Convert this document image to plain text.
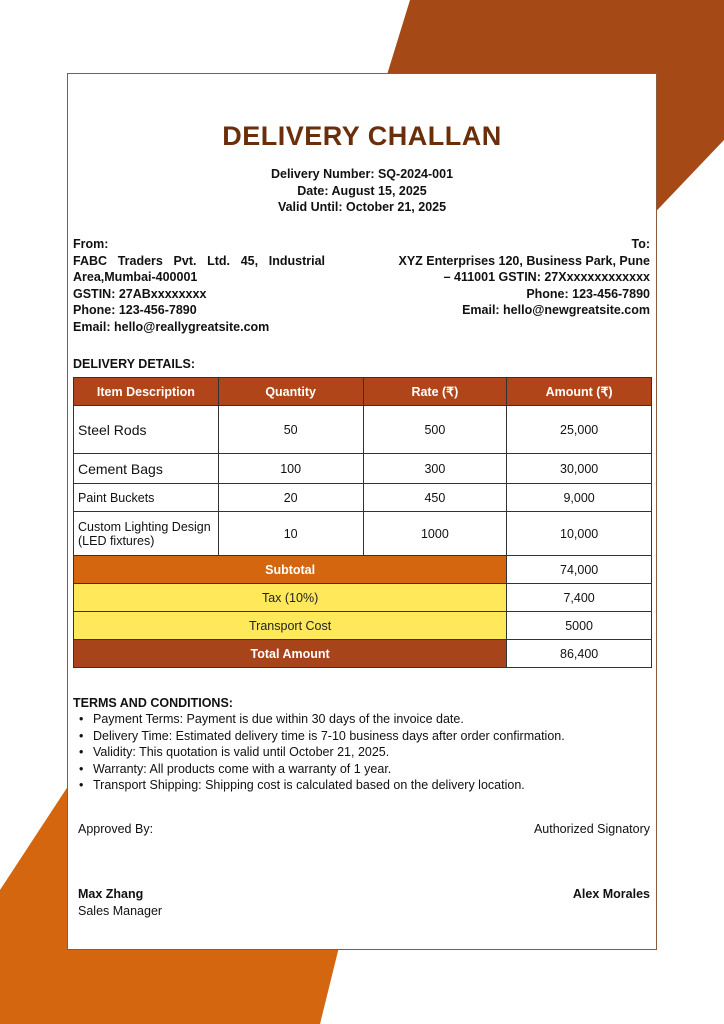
DELIVERY CHALLAN
Delivery Number: SQ-2024-001
Date: August 15, 2025
Valid Until: October 21, 2025
From:
FABC Traders Pvt. Ltd. 45, Industrial Area,Mumbai-400001
GSTIN: 27ABxxxxxxxx
Phone: 123-456-7890
Email: hello@reallygreatsite.com
To:
XYZ Enterprises 120, Business Park, Pune – 411001 GSTIN: 27Xxxxxxxxxxxxx
Phone: 123-456-7890
Email: hello@newgreatsite.com
DELIVERY DETAILS:
Item Description	Quantity	Rate (₹)	Amount (₹)
Steel Rods	50	500	25,000
Cement Bags	100	300	30,000
Paint Buckets	20	450	9,000
Custom Lighting Design (LED fixtures)	10	1000	10,000
Subtotal			74,000
Tax (10%)			7,400
Transport Cost			5000
Total Amount			86,400
TERMS AND CONDITIONS:
• Payment Terms: Payment is due within 30 days of the invoice date.
• Delivery Time: Estimated delivery time is 7-10 business days after order confirmation.
• Validity: This quotation is valid until October 21, 2025.
• Warranty: All products come with a warranty of 1 year.
• Transport Shipping: Shipping cost is calculated based on the delivery location.
Approved By:	Authorized Signatory
Max Zhang
Sales Manager
Alex Morales
